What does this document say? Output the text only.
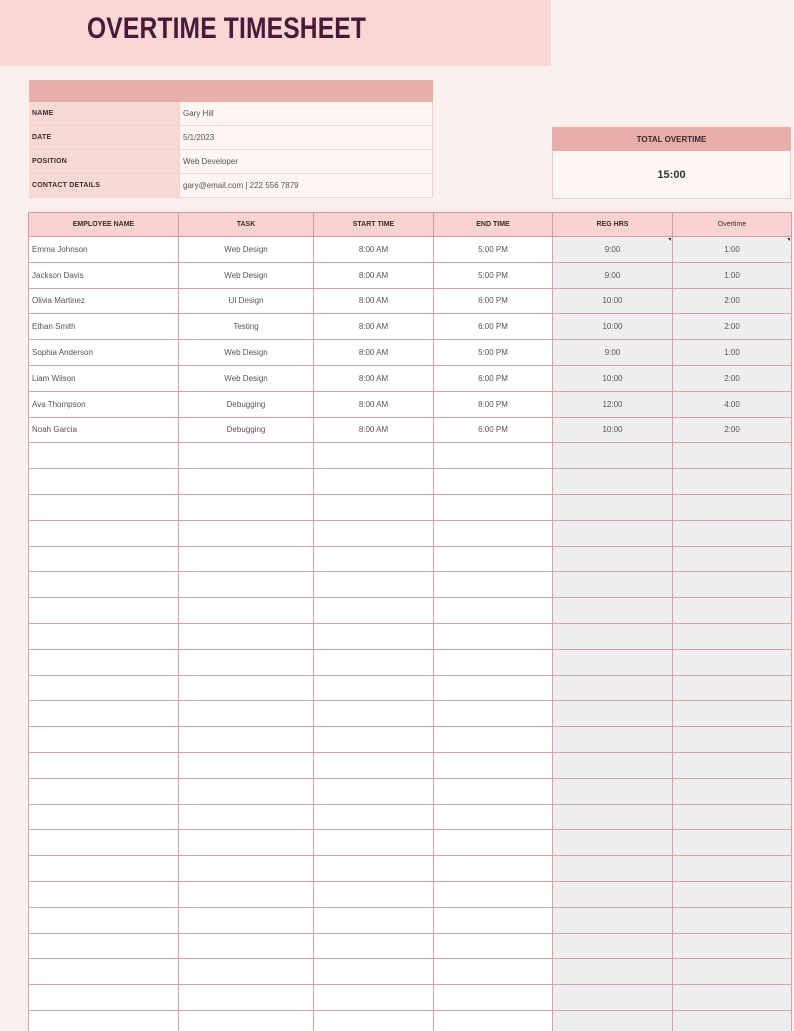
OVERTIME TIMESHEET
NAME	Gary Hill
DATE	5/1/2023
POSITION	Web Developer
CONTACT DETAILS	gary@email.com | 222 556 7879
TOTAL OVERTIME
15:00
EMPLOYEE NAME	TASK	START TIME	END TIME	REG HRS	Overtime
Emma Johnson	Web Design	8:00 AM	5:00 PM	9:00	1:00
Jackson Davis	Web Design	8:00 AM	5:00 PM	9:00	1:00
Olivia Martinez	UI Design	8:00 AM	6:00 PM	10:00	2:00
Ethan Smith	Testing	8:00 AM	6:00 PM	10:00	2:00
Sophia Anderson	Web Design	8:00 AM	5:00 PM	9:00	1:00
Liam Wilson	Web Design	8:00 AM	6:00 PM	10:00	2:00
Ava Thompson	Debugging	8:00 AM	8:00 PM	12:00	4:00
Noah Garcia	Debugging	8:00 AM	6:00 PM	10:00	2:00
